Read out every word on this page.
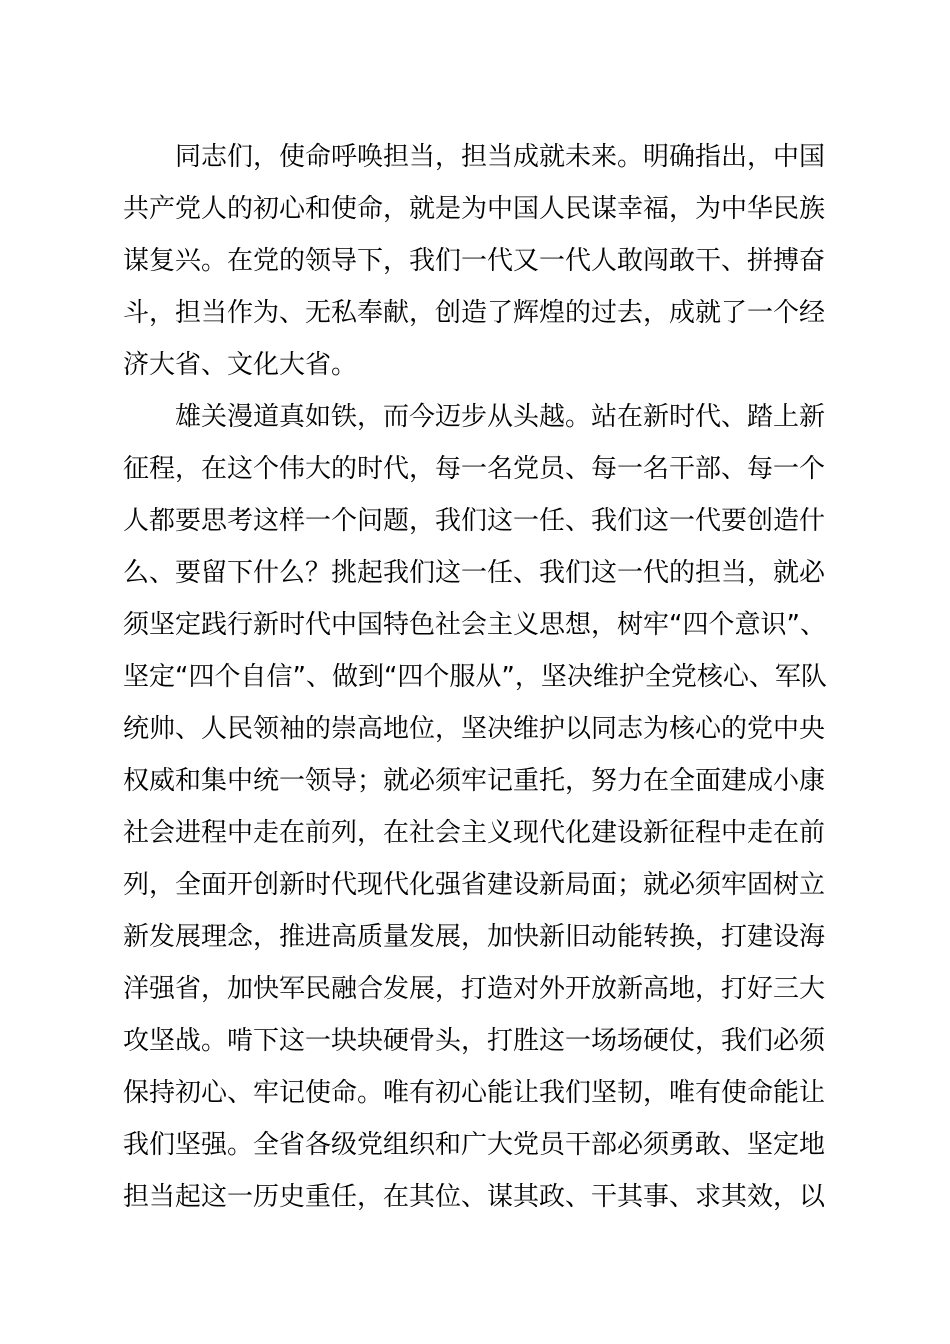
同志们，使命呼唤担当，担当成就未来。明确指出，中国
共产党人的初心和使命，就是为中国人民谋幸福，为中华民族
谋复兴。在党的领导下，我们一代又一代人敢闯敢干、拼搏奋
斗，担当作为、无私奉献，创造了辉煌的过去，成就了一个经
济大省、文化大省。
雄关漫道真如铁，而今迈步从头越。站在新时代、踏上新
征程，在这个伟大的时代，每一名党员、每一名干部、每一个
人都要思考这样一个问题，我们这一任、我们这一代要创造什
么、要留下什么？挑起我们这一任、我们这一代的担当，就必
须坚定践行新时代中国特色社会主义思想，树牢“四个意识”、
坚定“四个自信”、做到“四个服从”，坚决维护全党核心、军队
统帅、人民领袖的崇高地位，坚决维护以同志为核心的党中央
权威和集中统一领导；就必须牢记重托，努力在全面建成小康
社会进程中走在前列，在社会主义现代化建设新征程中走在前
列，全面开创新时代现代化强省建设新局面；就必须牢固树立
新发展理念，推进高质量发展，加快新旧动能转换，打建设海
洋强省，加快军民融合发展，打造对外开放新高地，打好三大
攻坚战。啃下这一块块硬骨头，打胜这一场场硬仗，我们必须
保持初心、牢记使命。唯有初心能让我们坚韧，唯有使命能让
我们坚强。全省各级党组织和广大党员干部必须勇敢、坚定地
担当起这一历史重任，在其位、谋其政、干其事、求其效，以
